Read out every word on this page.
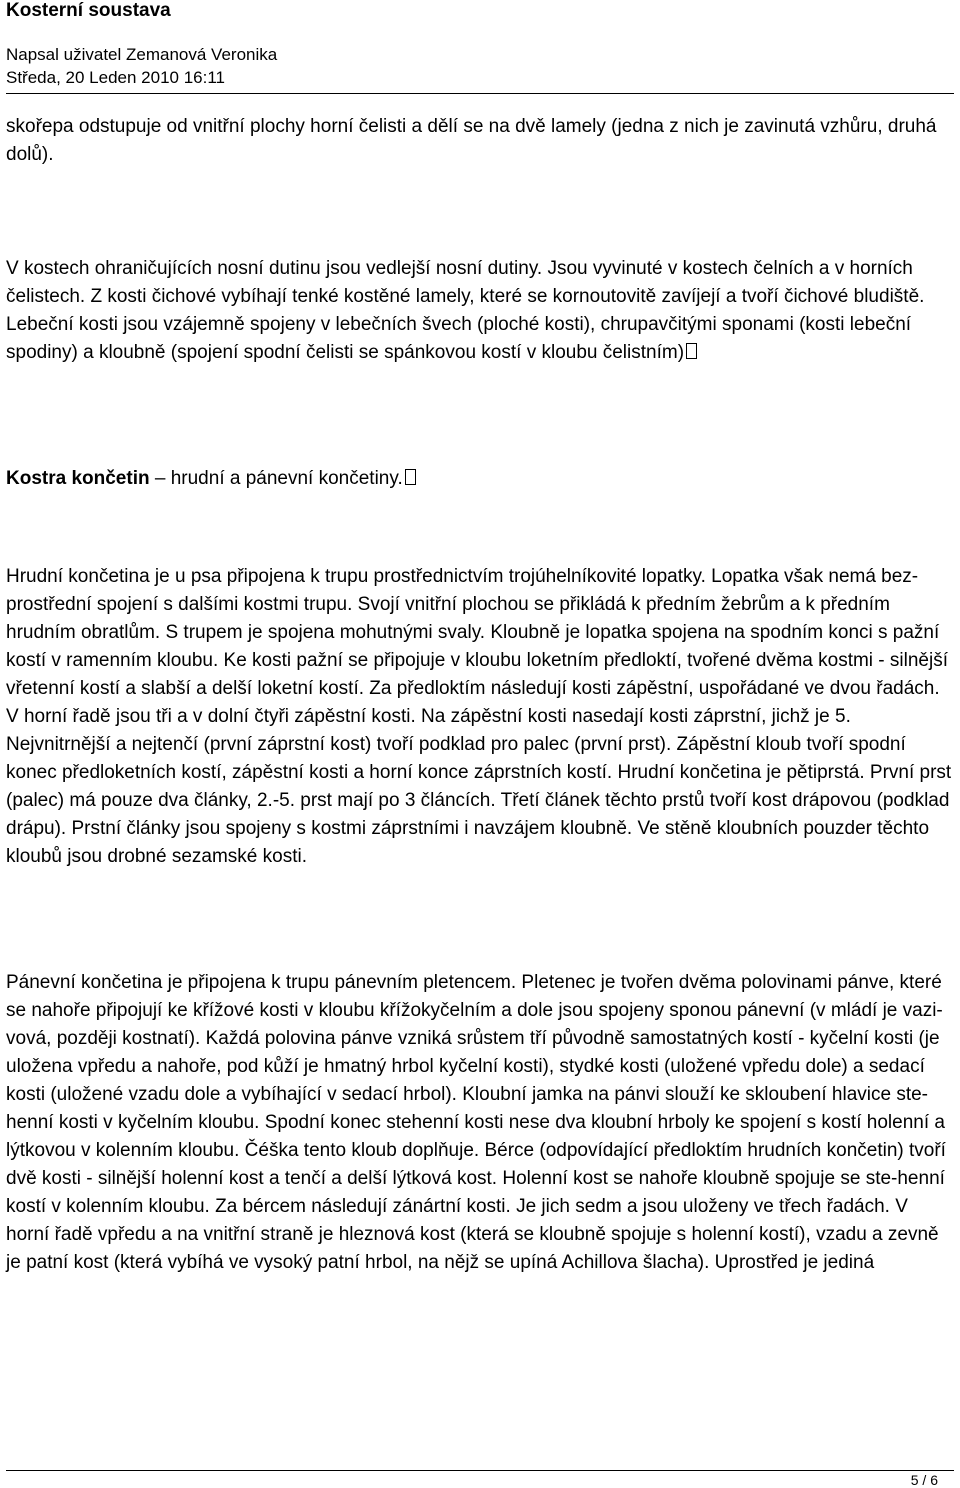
Kosterní soustava
Napsal uživatel Zemanová Veronika
Středa, 20 Leden 2010 16:11

skořepa odstupuje od vnitřní plochy horní čelisti a dělí se na dvě lamely (jedna z nich je zavinutá vzhůru, druhá dolů).

V kostech ohraničujících nosní dutinu jsou vedlejší nosní dutiny. Jsou vyvinuté v kostech čelních a v horních čelistech. Z kosti čichové vybíhají tenké kostěné lamely, které se kornoutovitě zavíjejí a tvoří čichové bludiště. Lebeční kosti jsou vzájemně spojeny v lebečních švech (ploché kosti), chrupavčitými sponami (kosti lebeční spodiny) a kloubně (spojení spodní čelisti se spánkovou kostí v kloubu čelistním)

Kostra končetin – hrudní a pánevní končetiny.

Hrudní končetina je u psa připojena k trupu prostřednictvím trojúhelníkovité lopatky. Lopatka však nemá bez-prostřední spojení s dalšími kostmi trupu. Svojí vnitřní plochou se přikládá k předním žebrům a k předním hrudním obratlům. S trupem je spojena mohutnými svaly. Kloubně je lopatka spojena na spodním konci s pažní kostí v ramenním kloubu. Ke kosti pažní se připojuje v kloubu loketním předloktí, tvořené dvěma kostmi - silnější vřetenní kostí a slabší a delší loketní kostí. Za předloktím následují kosti zápěstní, uspořádané ve dvou řadách. V horní řadě jsou tři a v dolní čtyři zápěstní kosti. Na zápěstní kosti nasedají kosti záprstní, jichž je 5. Nejvnitrnější a nejtenčí (první záprstní kost) tvoří podklad pro palec (první prst). Zápěstní kloub tvoří spodní konec předloketních kostí, zápěstní kosti a horní konce záprstních kostí. Hrudní končetina je pětiprstá. První prst (palec) má pouze dva články, 2.-5. prst mají po 3 článcích. Třetí článek těchto prstů tvoří kost drápovou (podklad drápu). Prstní články jsou spojeny s kostmi záprstními i navzájem kloubně. Ve stěně kloubních pouzder těchto kloubů jsou drobné sezamské kosti.

Pánevní končetina je připojena k trupu pánevním pletencem. Pletenec je tvořen dvěma polovinami pánve, které se nahoře připojují ke křížové kosti v kloubu křížokyčelním a dole jsou spojeny sponou pánevní (v mládí je vazi-vová, později kostnatí). Každá polovina pánve vzniká srůstem tří původně samostatných kostí - kyčelní kosti (je uložena vpředu a nahoře, pod kůží je hmatný hrbol kyčelní kosti), stydké kosti (uložené vpředu dole) a sedací kosti (uložené vzadu dole a vybíhající v sedací hrbol). Kloubní jamka na pánvi slouží ke skloubení hlavice ste-henní kosti v kyčelním kloubu. Spodní konec stehenní kosti nese dva kloubní hrboly ke spojení s kostí holenní a lýtkovou v kolenním kloubu. Čéška tento kloub doplňuje. Bérce (odpovídající předloktím hrudních končetin) tvoří dvě kosti - silnější holenní kost a tenčí a delší lýtková kost. Holenní kost se nahoře kloubně spojuje se ste-henní kostí v kolenním kloubu. Za bércem následují zánártní kosti. Je jich sedm a jsou uloženy ve třech řadách. V horní řadě vpředu a na vnitřní straně je hleznová kost (která se kloubně spojuje s holenní kostí), vzadu a zevně je patní kost (která vybíhá ve vysoký patní hrbol, na nějž se upíná Achillova šlacha). Uprostřed je jediná

5 / 6
